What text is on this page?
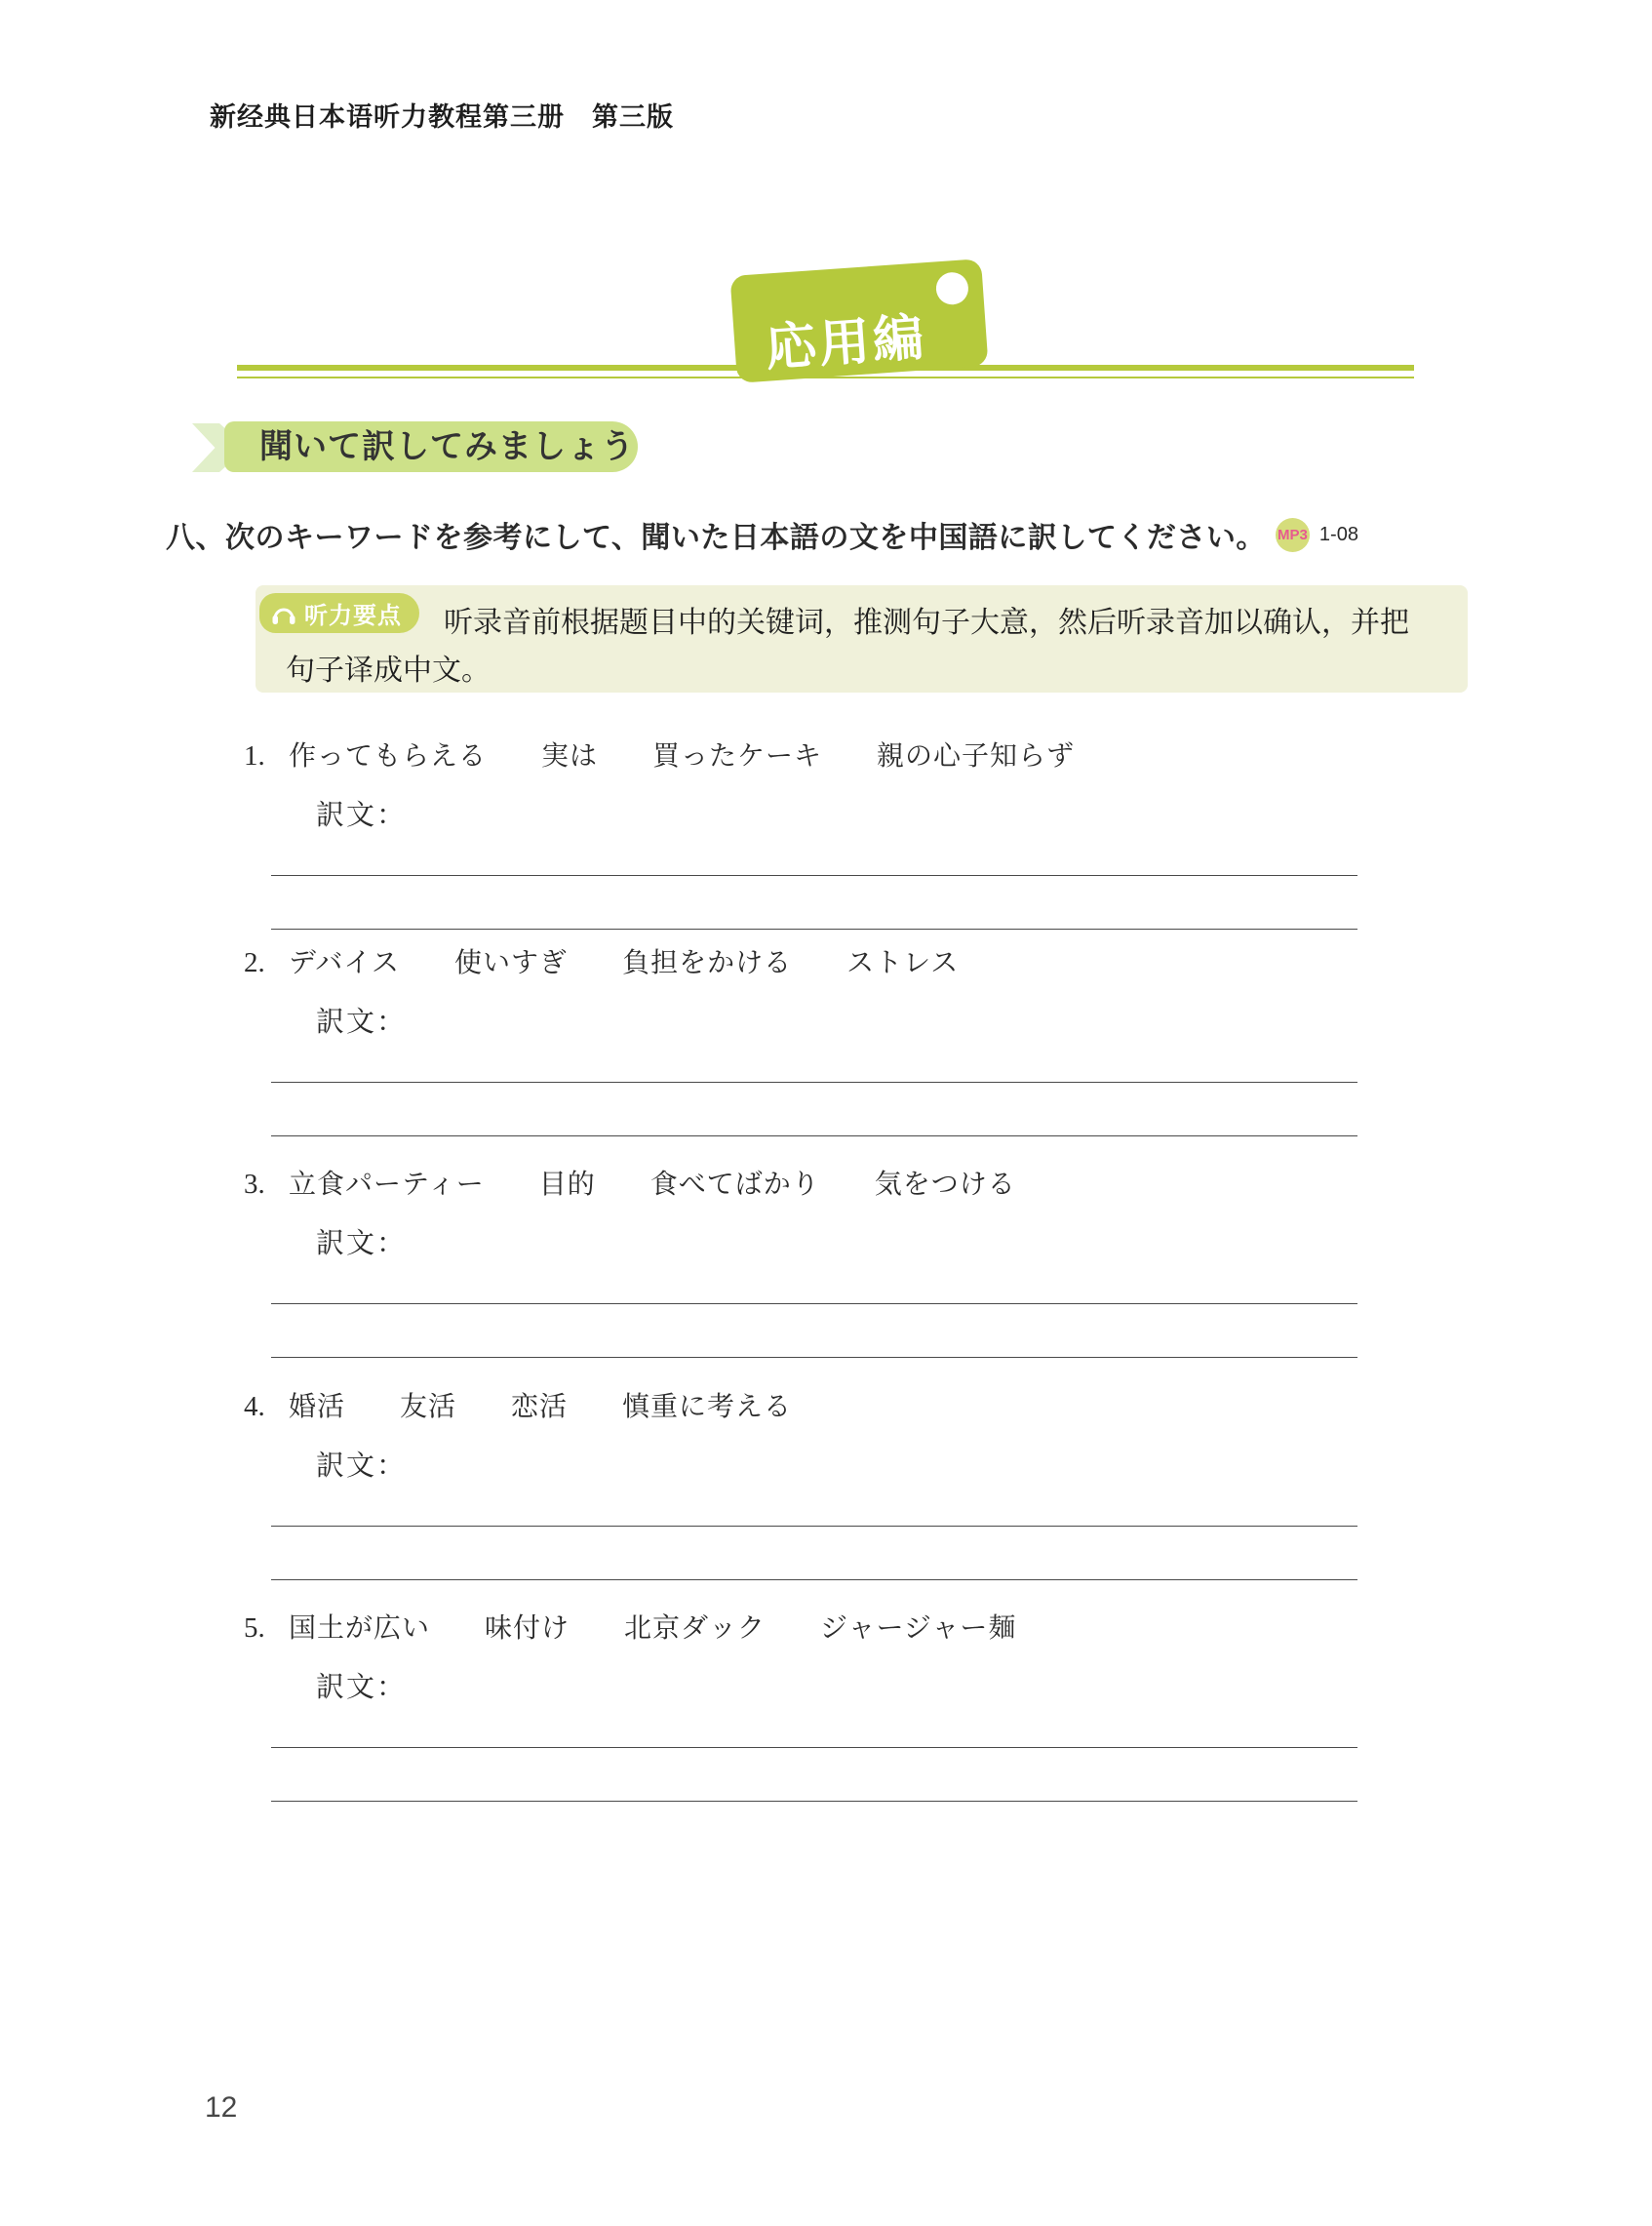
新经典日本语听力教程第三册　第三版
応用編
聞いて訳してみましょう
八、次のキーワードを参考にして、聞いた日本語の文を中国語に訳してください。 MP3 1-08
听力要点 听录音前根据题目中的关键词，推测句子大意，然后听录音加以确认，并把
句子译成中文。
1. 作ってもらえる 実は 買ったケーキ 親の心子知らず
訳文：
2. デバイス 使いすぎ 負担をかける ストレス
訳文：
3. 立食パーティー 目的 食べてばかり 気をつける
訳文：
4. 婚活 友活 恋活 慎重に考える
訳文：
5. 国土が広い 味付け 北京ダック ジャージャー麺
訳文：
12
